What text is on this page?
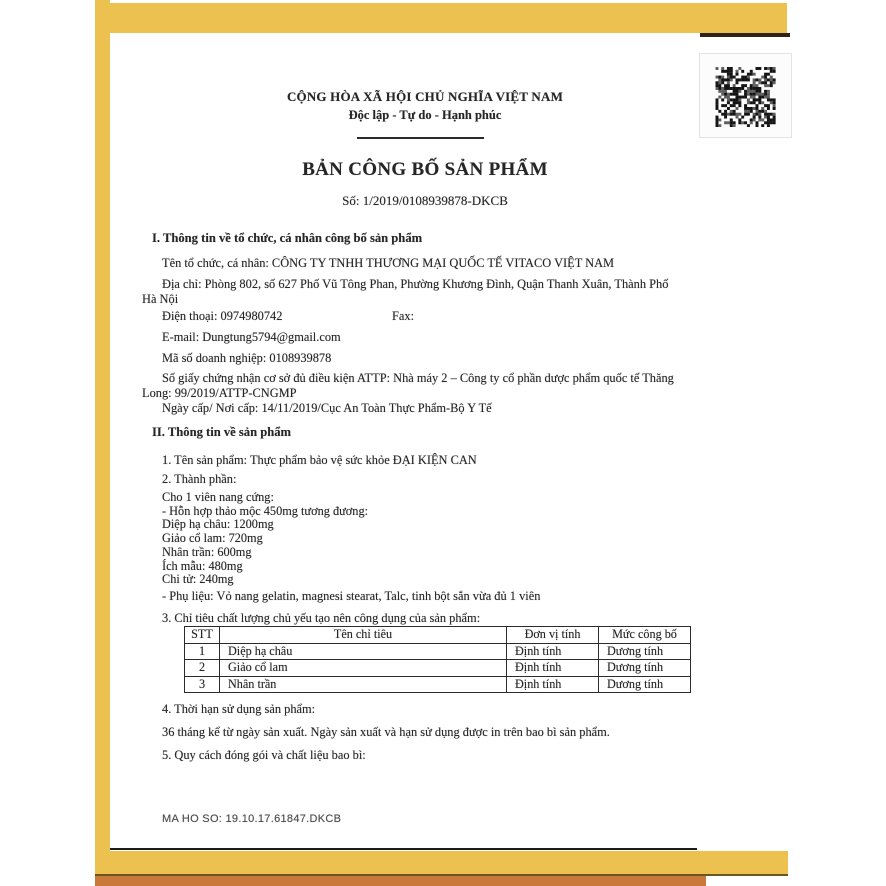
CỘNG HÒA XÃ HỘI CHỦ NGHĨA VIỆT NAM
Độc lập - Tự do - Hạnh phúc
BẢN CÔNG BỐ SẢN PHẨM
Số: 1/2019/0108939878-DKCB
I. Thông tin về tổ chức, cá nhân công bố sản phẩm
Tên tổ chức, cá nhân: CÔNG TY TNHH THƯƠNG MẠI QUỐC TẾ VITACO VIỆT NAM
Địa chỉ: Phòng 802, số 627 Phố Vũ Tông Phan, Phường Khương Đình, Quận Thanh Xuân, Thành Phố Hà Nội
Điện thoại: 0974980742	Fax:
E-mail: Dungtung5794@gmail.com
Mã số doanh nghiệp: 0108939878
Số giấy chứng nhận cơ sở đủ điều kiện ATTP: Nhà máy 2 – Công ty cổ phần dược phẩm quốc tế Thăng Long: 99/2019/ATTP-CNGMP
Ngày cấp/ Nơi cấp: 14/11/2019/Cục An Toàn Thực Phẩm-Bộ Y Tế
II. Thông tin về sản phẩm
1. Tên sản phẩm: Thực phẩm bảo vệ sức khỏe ĐẠI KIỆN CAN
2. Thành phần:
Cho 1 viên nang cứng:
- Hỗn hợp thảo mộc 450mg tương đương:
Diệp hạ châu: 1200mg
Giảo cổ lam: 720mg
Nhân trần: 600mg
Ích mẫu: 480mg
Chi tử: 240mg
- Phụ liệu: Vỏ nang gelatin, magnesi stearat, Talc, tinh bột sắn vừa đủ 1 viên
3. Chỉ tiêu chất lượng chủ yếu tạo nên công dụng của sản phẩm:
STT	Tên chỉ tiêu	Đơn vị tính	Mức công bố
1	Diệp hạ châu	Định tính	Dương tính
2	Giảo cổ lam	Định tính	Dương tính
3	Nhân trần	Định tính	Dương tính
4. Thời hạn sử dụng sản phẩm:
36 tháng kể từ ngày sản xuất. Ngày sản xuất và hạn sử dụng được in trên bao bì sản phẩm.
5. Quy cách đóng gói và chất liệu bao bì:
MA HO SO: 19.10.17.61847.DKCB
